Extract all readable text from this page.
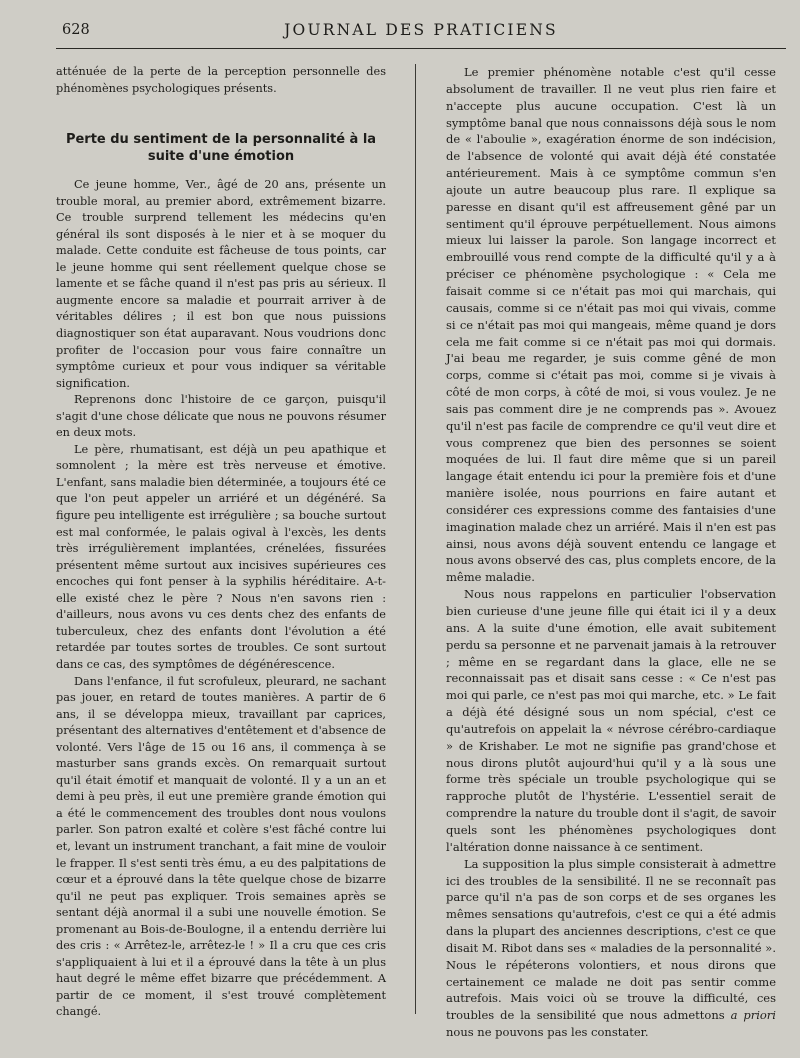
628	JOURNAL DES PRATICIENS

atténuée de la perte de la perception personnelle des phénomènes psychologiques présents.

Perte du sentiment de la personnalité à la suite d'une émotion

Ce jeune homme, Ver., âgé de 20 ans, présente un trouble moral, au premier abord, extrêmement bizarre. Ce trouble surprend tellement les médecins qu'en général ils sont disposés à le nier et à se moquer du malade. Cette conduite est fâcheuse de tous points, car le jeune homme qui sent réellement quelque chose se lamente et se fâche quand il n'est pas pris au sérieux. Il augmente encore sa maladie et pourrait arriver à de véritables délires ; il est bon que nous puissions diagnostiquer son état auparavant. Nous voudrions donc profiter de l'occasion pour vous faire connaître un symptôme curieux et pour vous indiquer sa véritable signification.

Reprenons donc l'histoire de ce garçon, puisqu'il s'agit d'une chose délicate que nous ne pouvons résumer en deux mots.

Le père, rhumatisant, est déjà un peu apathique et somnolent ; la mère est très nerveuse et émotive. L'enfant, sans maladie bien déterminée, a toujours été ce que l'on peut appeler un arriéré et un dégénéré. Sa figure peu intelligente est irrégulière ; sa bouche surtout est mal conformée, le palais ogival à l'excès, les dents très irrégulièrement implantées, crénelées, fissurées présentent même surtout aux incisives supérieures ces encoches qui font penser à la syphilis héréditaire. A-t-elle existé chez le père ? Nous n'en savons rien : d'ailleurs, nous avons vu ces dents chez des enfants de tuberculeux, chez des enfants dont l'évolution a été retardée par toutes sortes de troubles. Ce sont surtout dans ce cas, des symptômes de dégénérescence.

Dans l'enfance, il fut scrofuleux, pleurard, ne sachant pas jouer, en retard de toutes manières. A partir de 6 ans, il se développa mieux, travaillant par caprices, présentant des alternatives d'entêtement et d'absence de volonté. Vers l'âge de 15 ou 16 ans, il commença à se masturber sans grands excès. On remarquait surtout qu'il était émotif et manquait de volonté. Il y a un an et demi à peu près, il eut une première grande émotion qui a été le commencement des troubles dont nous voulons parler. Son patron exalté et colère s'est fâché contre lui et, levant un instrument tranchant, a fait mine de vouloir le frapper. Il s'est senti très ému, a eu des palpitations de cœur et a éprouvé dans la tête quelque chose de bizarre qu'il ne peut pas expliquer. Trois semaines après se sentant déjà anormal il a subi une nouvelle émotion. Se promenant au Bois-de-Boulogne, il a entendu derrière lui des cris : « Arrêtez-le, arrêtez-le ! » Il a cru que ces cris s'appliquaient à lui et il a éprouvé dans la tête à un plus haut degré le même effet bizarre que précédemment. A partir de ce moment, il s'est trouvé complètement changé.

Le premier phénomène notable c'est qu'il cesse absolument de travailler. Il ne veut plus rien faire et n'accepte plus aucune occupation. C'est là un symptôme banal que nous connaissons déjà sous le nom de « l'aboulie », exagération énorme de son indécision, de l'absence de volonté qui avait déjà été constatée antérieurement. Mais à ce symptôme commun s'en ajoute un autre beaucoup plus rare. Il explique sa paresse en disant qu'il est affreusement gêné par un sentiment qu'il éprouve perpétuellement. Nous aimons mieux lui laisser la parole. Son langage incorrect et embrouillé vous rend compte de la difficulté qu'il y a à préciser ce phénomène psychologique : « Cela me faisait comme si ce n'était pas moi qui marchais, qui causais, comme si ce n'était pas moi qui vivais, comme si ce n'était pas moi qui mangeais, même quand je dors cela me fait comme si ce n'était pas moi qui dormais. J'ai beau me regarder, je suis comme gêné de mon corps, comme si c'était pas moi, comme si je vivais à côté de mon corps, à côté de moi, si vous voulez. Je ne sais pas comment dire je ne comprends pas ». Avouez qu'il n'est pas facile de comprendre ce qu'il veut dire et vous comprenez que bien des personnes se soient moquées de lui. Il faut dire même que si un pareil langage était entendu ici pour la première fois et d'une manière isolée, nous pourrions en faire autant et considérer ces expressions comme des fantaisies d'une imagination malade chez un arriéré. Mais il n'en est pas ainsi, nous avons déjà souvent entendu ce langage et nous avons observé des cas, plus complets encore, de la même maladie.

Nous nous rappelons en particulier l'observation bien curieuse d'une jeune fille qui était ici il y a deux ans. A la suite d'une émotion, elle avait subitement perdu sa personne et ne parvenait jamais à la retrouver ; même en se regardant dans la glace, elle ne se reconnaissait pas et disait sans cesse : « Ce n'est pas moi qui parle, ce n'est pas moi qui marche, etc. » Le fait a déjà été désigné sous un nom spécial, c'est ce qu'autrefois on appelait la « névrose cérébro-cardiaque » de Krishaber. Le mot ne signifie pas grand'chose et nous dirons plutôt aujourd'hui qu'il y a là sous une forme très spéciale un trouble psychologique qui se rapproche plutôt de l'hystérie. L'essentiel serait de comprendre la nature du trouble dont il s'agit, de savoir quels sont les phénomènes psychologiques dont l'altération donne naissance à ce sentiment.

La supposition la plus simple consisterait à admettre ici des troubles de la sensibilité. Il ne se reconnaît pas parce qu'il n'a pas de son corps et de ses organes les mêmes sensations qu'autrefois, c'est ce qui a été admis dans la plupart des anciennes descriptions, c'est ce que disait M. Ribot dans ses « maladies de la personnalité ». Nous le répéterons volontiers, et nous dirons que certainement ce malade ne doit pas sentir comme autrefois. Mais voici où se trouve la difficulté, ces troubles de la sensibilité que nous admettons a priori nous ne pouvons pas les constater.
